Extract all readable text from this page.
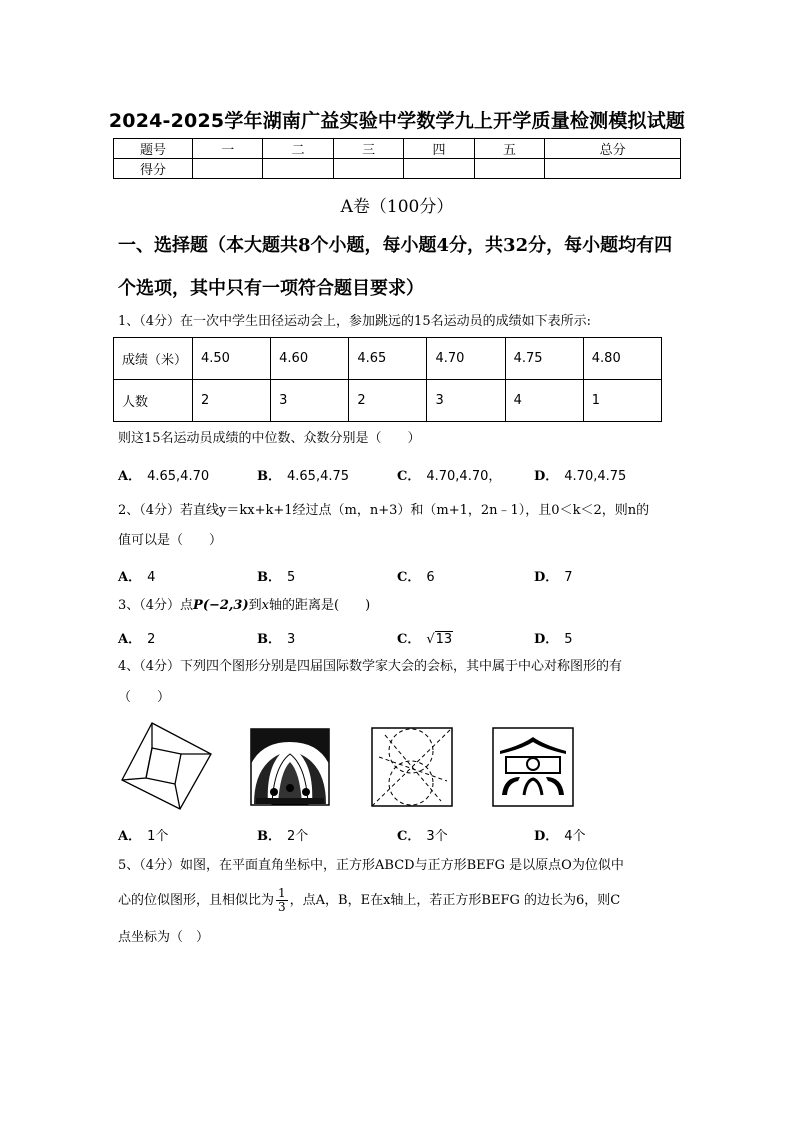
2024-2025学年湖南广益实验中学数学九上开学质量检测模拟试题
题号	一	二	三	四	五	总分
得分						
A卷（100分）
一、选择题（本大题共8个小题，每小题4分，共32分，每小题均有四个选项，其中只有一项符合题目要求）
1、（4分）在一次中学生田径运动会上，参加跳远的15名运动员的成绩如下表所示:
成绩（米）	4.50	4.60	4.65	4.70	4.75	4.80
人数	2	3	2	3	4	1
则这15名运动员成绩的中位数、众数分别是（　　）
A． 4.65,4.70	B． 4.65,4.75	C． 4.70,4.70，	D． 4.70,4.75
2、（4分）若直线y＝kx+k+1经过点（m，n+3）和（m+1，2n﹣1），且0＜k＜2，则n的
值可以是（　　）
A． 4	B． 5	C． 6	D． 7
3、（4分）点P(−2,3)到x轴的距离是(　　)
A． 2	B． 3	C． √13	D． 5
4、（4分）下列四个图形分别是四届国际数学家大会的会标，其中属于中心对称图形的有
（　　）
A． 1个	B． 2个	C． 3个	D． 4个
5、（4分）如图，在平面直角坐标中，正方形ABCD与正方形BEFG 是以原点O为位似中
心的位似图形，且相似比为 $\frac{1}{3}$ ，点A，B，E在x轴上，若正方形BEFG 的边长为6，则C
点坐标为（　）
